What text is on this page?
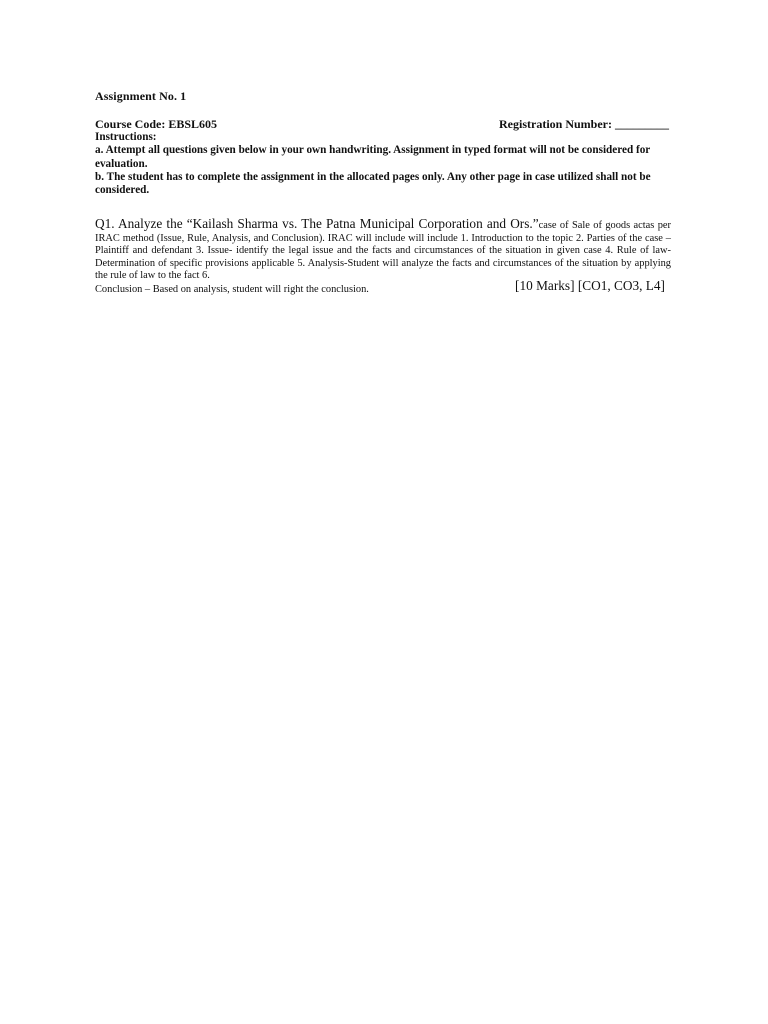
Assignment No. 1
Course Code: EBSL605	Registration Number: _________

Instructions:

a. Attempt all questions given below in your own handwriting. Assignment in typed format will not be considered for evaluation.

b. The student has to complete the assignment in the allocated pages only. Any other page in case utilized shall not be considered.

Q1. Analyze the “Kailash Sharma vs. The Patna Municipal Corporation and Ors.”case of Sale of goods actas per IRAC method (Issue, Rule, Analysis, and Conclusion). IRAC will include will include 1. Introduction to the topic 2. Parties of the case – Plaintiff and defendant 3. Issue- identify the legal issue and the facts and circumstances of the situation in given case 4. Rule of law-Determination of specific provisions applicable 5. Analysis-Student will analyze the facts and circumstances of the situation by applying the rule of law to the fact 6.
Conclusion – Based on analysis, student will right the conclusion.	[10 Marks] [CO1, CO3, L4]
